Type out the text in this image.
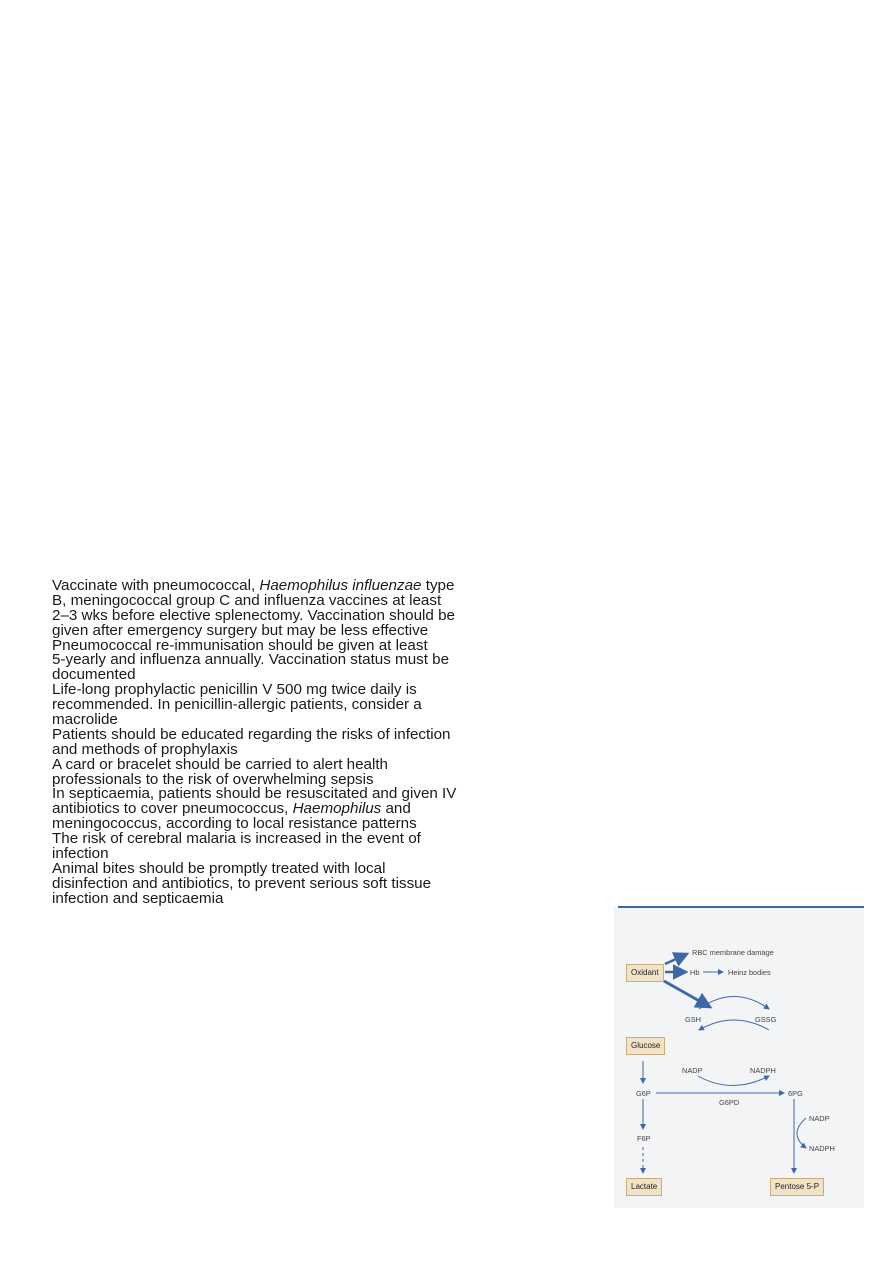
Vaccinate with pneumococcal, Haemophilus influenzae type
B, meningococcal group C and influenza vaccines at least
2–3 wks before elective splenectomy. Vaccination should be
given after emergency surgery but may be less effective
Pneumococcal re-immunisation should be given at least
5-yearly and influenza annually. Vaccination status must be
documented
Life-long prophylactic penicillin V 500 mg twice daily is
recommended. In penicillin-allergic patients, consider a
macrolide
Patients should be educated regarding the risks of infection
and methods of prophylaxis
A card or bracelet should be carried to alert health
professionals to the risk of overwhelming sepsis
In septicaemia, patients should be resuscitated and given IV
antibiotics to cover pneumococcus, Haemophilus and
meningococcus, according to local resistance patterns
The risk of cerebral malaria is increased in the event of
infection
Animal bites should be promptly treated with local
disinfection and antibiotics, to prevent serious soft tissue
infection and septicaemia
Oxidant
Glucose
Lactate	Pentose 5-P
RBC membrane damage
Hb	Heinz bodies
GSH	GSSG
NADP	NADPH
G6P
G6PD
6PG
F6P
NADP
NADPH
